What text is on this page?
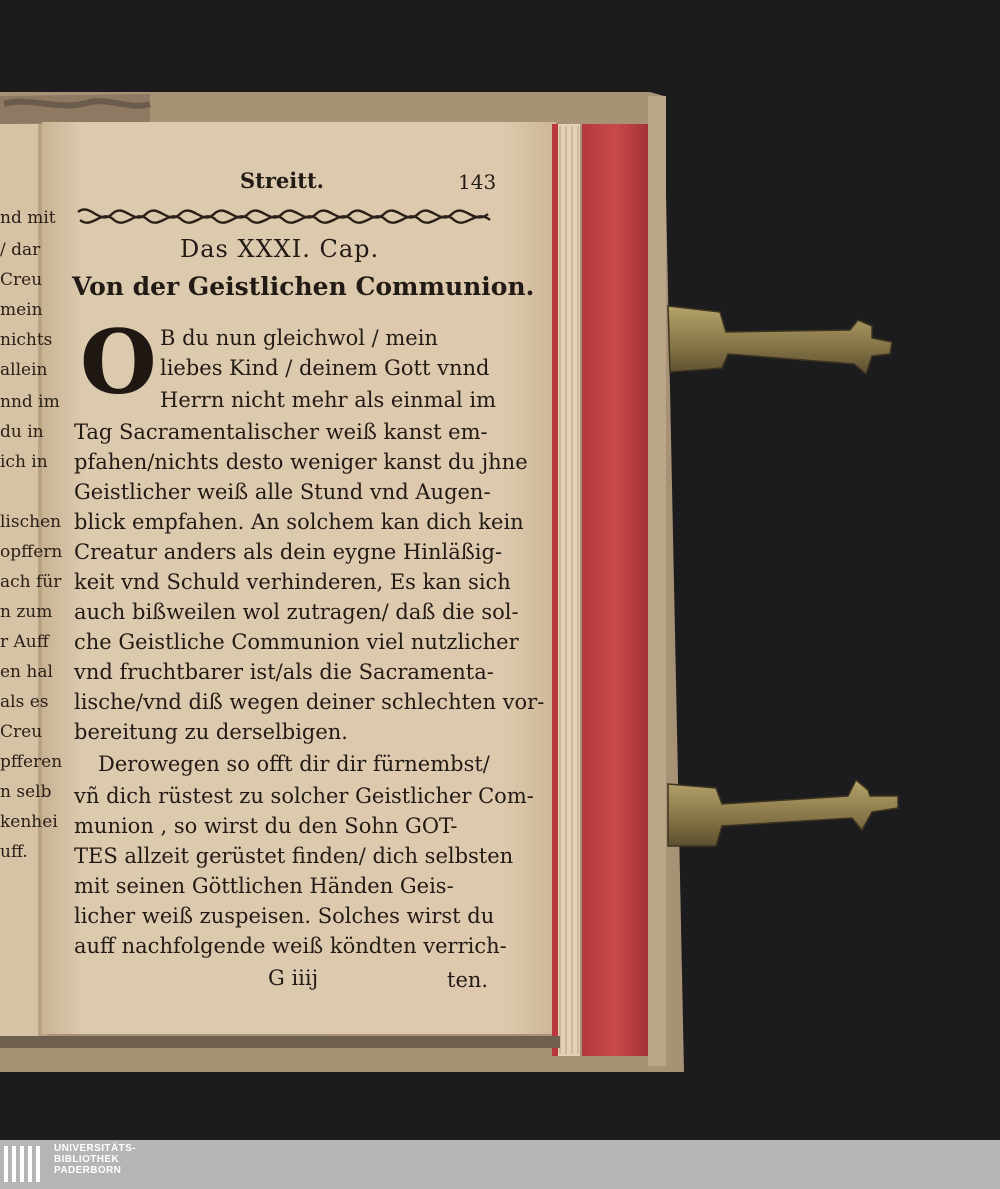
nd mit
/ dar
Creu
mein
nichts
allein
nnd im
du in
ich in
lischen
opffern
ach für
n zum
r Auff
en hal
als es
Creu
pfferen
n selb
kenhei
uff.
Streitt.	143
Das XXXI. Cap.
Von der Geistlichen Communion.
O B du nun gleichwol / mein
liebes Kind / deinem Gott vnnd
Herrn nicht mehr als einmal im
Tag Sacramentalischer weiß kanst em-
pfahen/nichts desto weniger kanst du jhne
Geistlicher weiß alle Stund vnd Augen-
blick empfahen. An solchem kan dich kein
Creatur anders als dein eygne Hinläßig-
keit vnd Schuld verhinderen, Es kan sich
auch bißweilen wol zutragen/ daß die sol-
che Geistliche Communion viel nutzlicher
vnd fruchtbarer ist/als die Sacramenta-
lische/vnd diß wegen deiner schlechten vor-
bereitung zu derselbigen.
Derowegen so offt dir dir fürnembst/
vñ dich rüstest zu solcher Geistlicher Com-
munion , so wirst du den Sohn GOT-
TES allzeit gerüstet finden/ dich selbsten
mit seinen Göttlichen Händen Geis-
licher weiß zuspeisen. Solches wirst du
auff nachfolgende weiß köndten verrich-
G iiij	ten.
UNIVERSITÄTS-
BIBLIOTHEK
PADERBORN
